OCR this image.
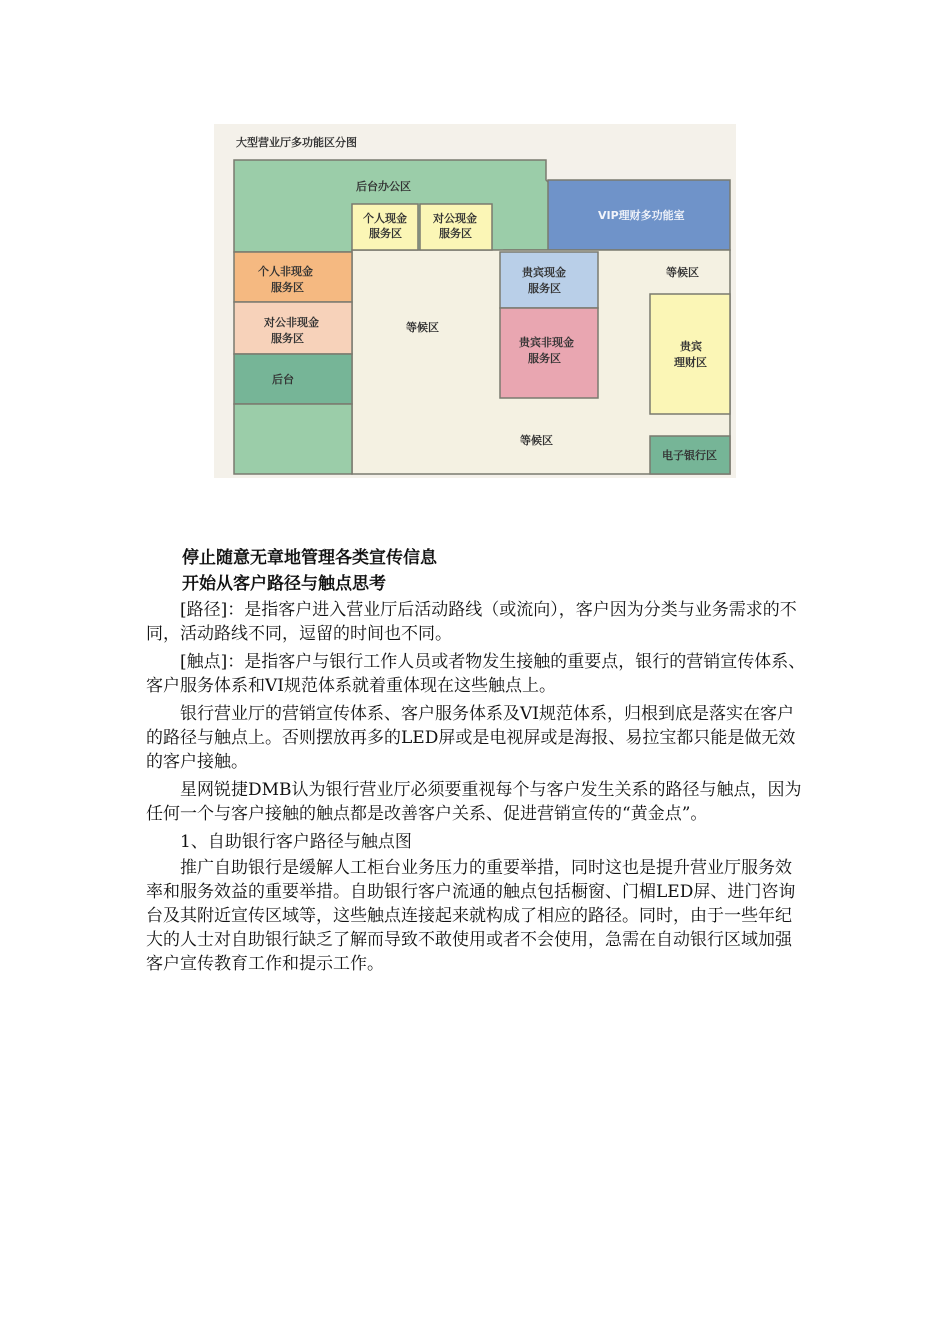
大型营业厅多功能区分图
后台办公区
VIP理财多功能室
个人现金
服务区
对公现金
服务区
个人非现金
服务区
对公非现金
服务区
后台
等候区
贵宾现金
服务区
贵宾非现金
服务区
等候区
贵宾
理财区
等候区
电子银行区
停止随意无章地管理各类宣传信息
开始从客户路径与触点思考

[路径]：是指客户进入营业厅后活动路线（或流向），客户因为分类与业务需求的不同，活动路线不同，逗留的时间也不同。

[触点]：是指客户与银行工作人员或者物发生接触的重要点，银行的营销宣传体系、客户服务体系和VI规范体系就着重体现在这些触点上。

银行营业厅的营销宣传体系、客户服务体系及VI规范体系，归根到底是落实在客户的路径与触点上。否则摆放再多的LED屏或是电视屏或是海报、易拉宝都只能是做无效的客户接触。

星网锐捷DMB认为银行营业厅必须要重视每个与客户发生关系的路径与触点，因为任何一个与客户接触的触点都是改善客户关系、促进营销宣传的“黄金点”。

1、自助银行客户路径与触点图

推广自助银行是缓解人工柜台业务压力的重要举措，同时这也是提升营业厅服务效率和服务效益的重要举措。自助银行客户流通的触点包括橱窗、门楣LED屏、进门咨询台及其附近宣传区域等，这些触点连接起来就构成了相应的路径。同时，由于一些年纪大的人士对自助银行缺乏了解而导致不敢使用或者不会使用，急需在自动银行区域加强客户宣传教育工作和提示工作。
